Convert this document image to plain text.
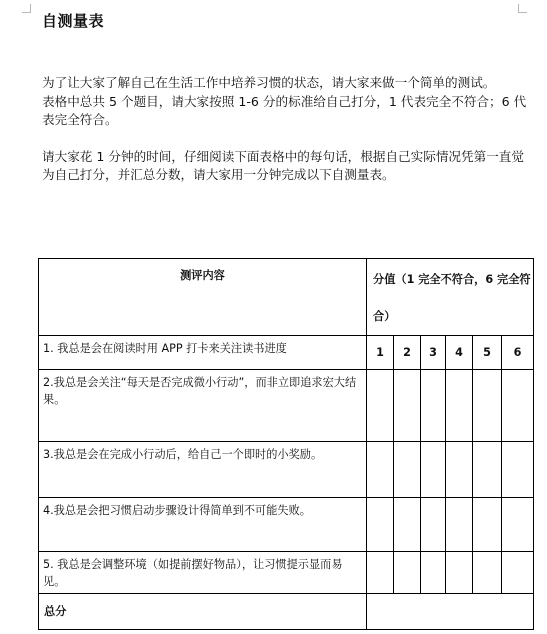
自测量表

为了让大家了解自己在生活工作中培养习惯的状态，请大家来做一个简单的测试。

表格中总共 5 个题目，请大家按照 1-6 分的标准给自己打分，1 代表完全不符合；6 代表完全符合。

请大家花 1 分钟的时间，仔细阅读下面表格中的每句话，根据自己实际情况凭第一直觉为自己打分，并汇总分数，请大家用一分钟完成以下自测量表。

测评内容	分值（1 完全不符合，6 完全符合）					
1. 我总是会在阅读时用 APP 打卡来关注读书进度	1	2	3	4	5	6
2.我总是会关注“每天是否完成微小行动”，而非立即追求宏大结果。						
3.我总是会在完成小行动后，给自己一个即时的小奖励。						
4.我总是会把习惯启动步骤设计得简单到不可能失败。						
5. 我总是会调整环境（如提前摆好物品），让习惯提示显而易见。						
总分						
